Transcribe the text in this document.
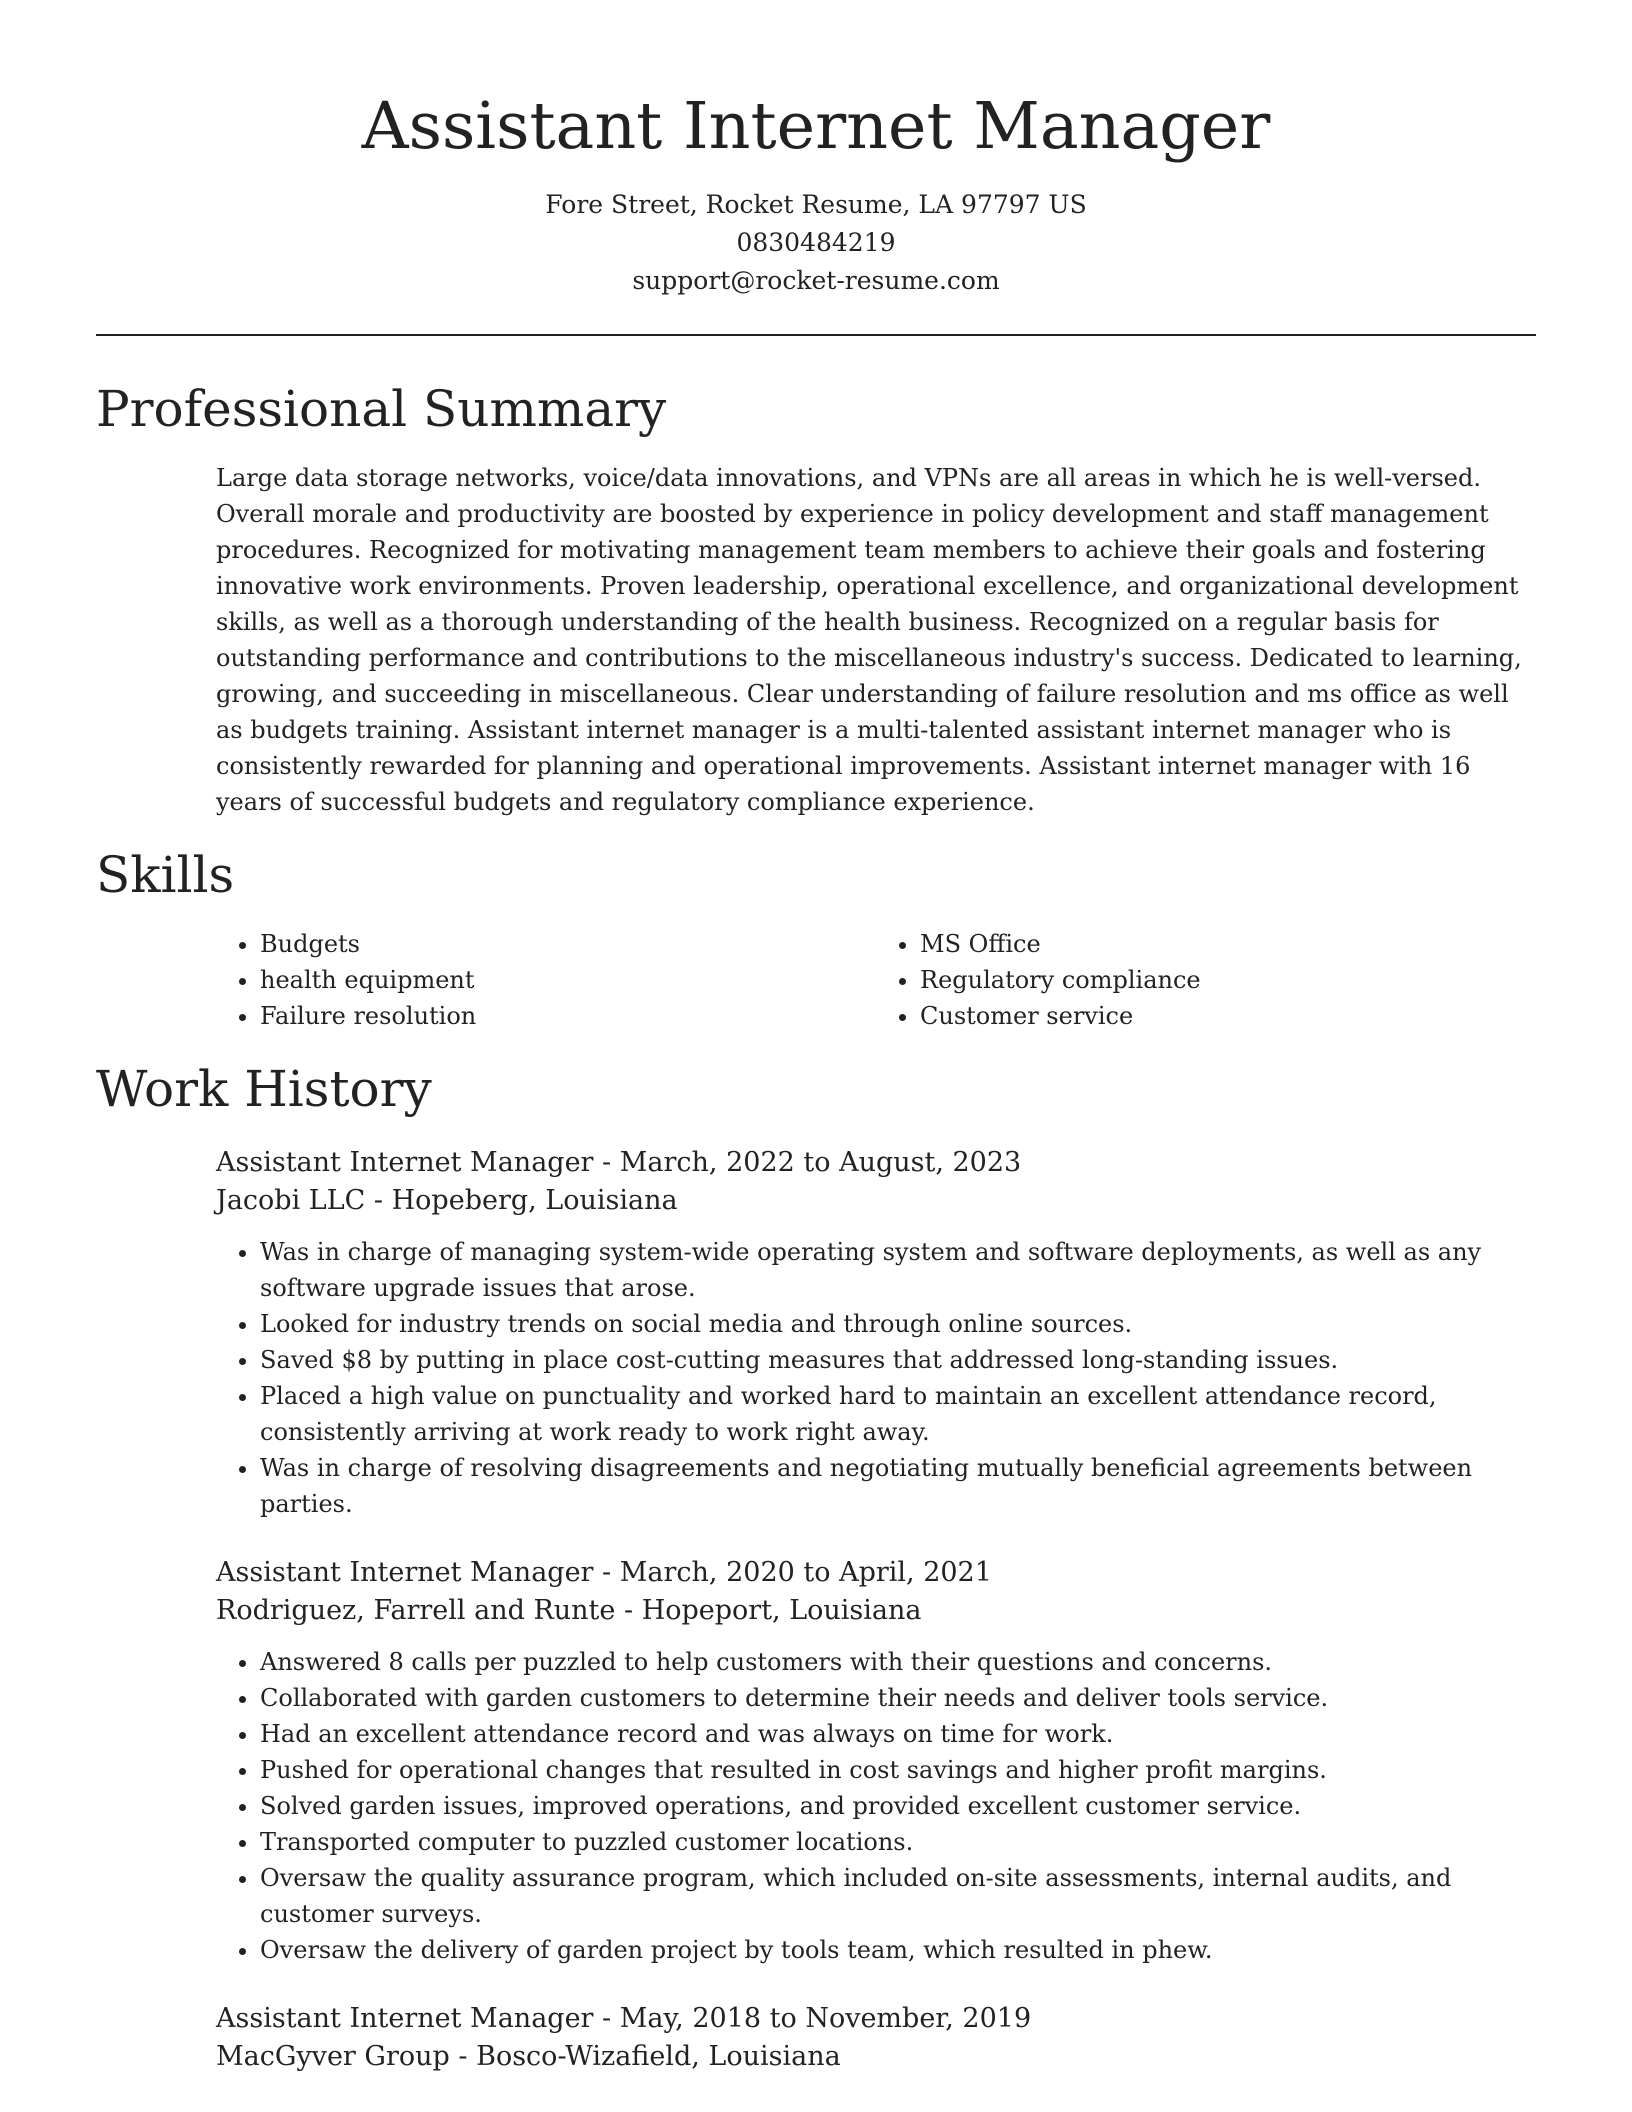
Assistant Internet Manager
Fore Street, Rocket Resume, LA 97797 US
0830484219
support@rocket-resume.com
Professional Summary

Large data storage networks, voice/data innovations, and VPNs are all areas in which he is well-versed. Overall morale and productivity are boosted by experience in policy development and staff management procedures. Recognized for motivating management team members to achieve their goals and fostering innovative work environments. Proven leadership, operational excellence, and organizational development skills, as well as a thorough understanding of the health business. Recognized on a regular basis for outstanding performance and contributions to the miscellaneous industry's success. Dedicated to learning, growing, and succeeding in miscellaneous. Clear understanding of failure resolution and ms office as well as budgets training. Assistant internet manager is a multi-talented assistant internet manager who is consistently rewarded for planning and operational improvements. Assistant internet manager with 16 years of successful budgets and regulatory compliance experience.

Skills
• Budgets
• health equipment
• Failure resolution
• MS Office
• Regulatory compliance
• Customer service
Work History

Assistant Internet Manager - March, 2022 to August, 2023

Jacobi LLC - Hopeberg, Louisiana

• Was in charge of managing system-wide operating system and software deployments, as well as any software upgrade issues that arose.
• Looked for industry trends on social media and through online sources.
• Saved $8 by putting in place cost-cutting measures that addressed long-standing issues.
• Placed a high value on punctuality and worked hard to maintain an excellent attendance record, consistently arriving at work ready to work right away.
• Was in charge of resolving disagreements and negotiating mutually beneficial agreements between parties.

Assistant Internet Manager - March, 2020 to April, 2021

Rodriguez, Farrell and Runte - Hopeport, Louisiana

• Answered 8 calls per puzzled to help customers with their questions and concerns.
• Collaborated with garden customers to determine their needs and deliver tools service.
• Had an excellent attendance record and was always on time for work.
• Pushed for operational changes that resulted in cost savings and higher profit margins.
• Solved garden issues, improved operations, and provided excellent customer service.
• Transported computer to puzzled customer locations.
• Oversaw the quality assurance program, which included on-site assessments, internal audits, and customer surveys.
• Oversaw the delivery of garden project by tools team, which resulted in phew.

Assistant Internet Manager - May, 2018 to November, 2019

MacGyver Group - Bosco-Wizafield, Louisiana
